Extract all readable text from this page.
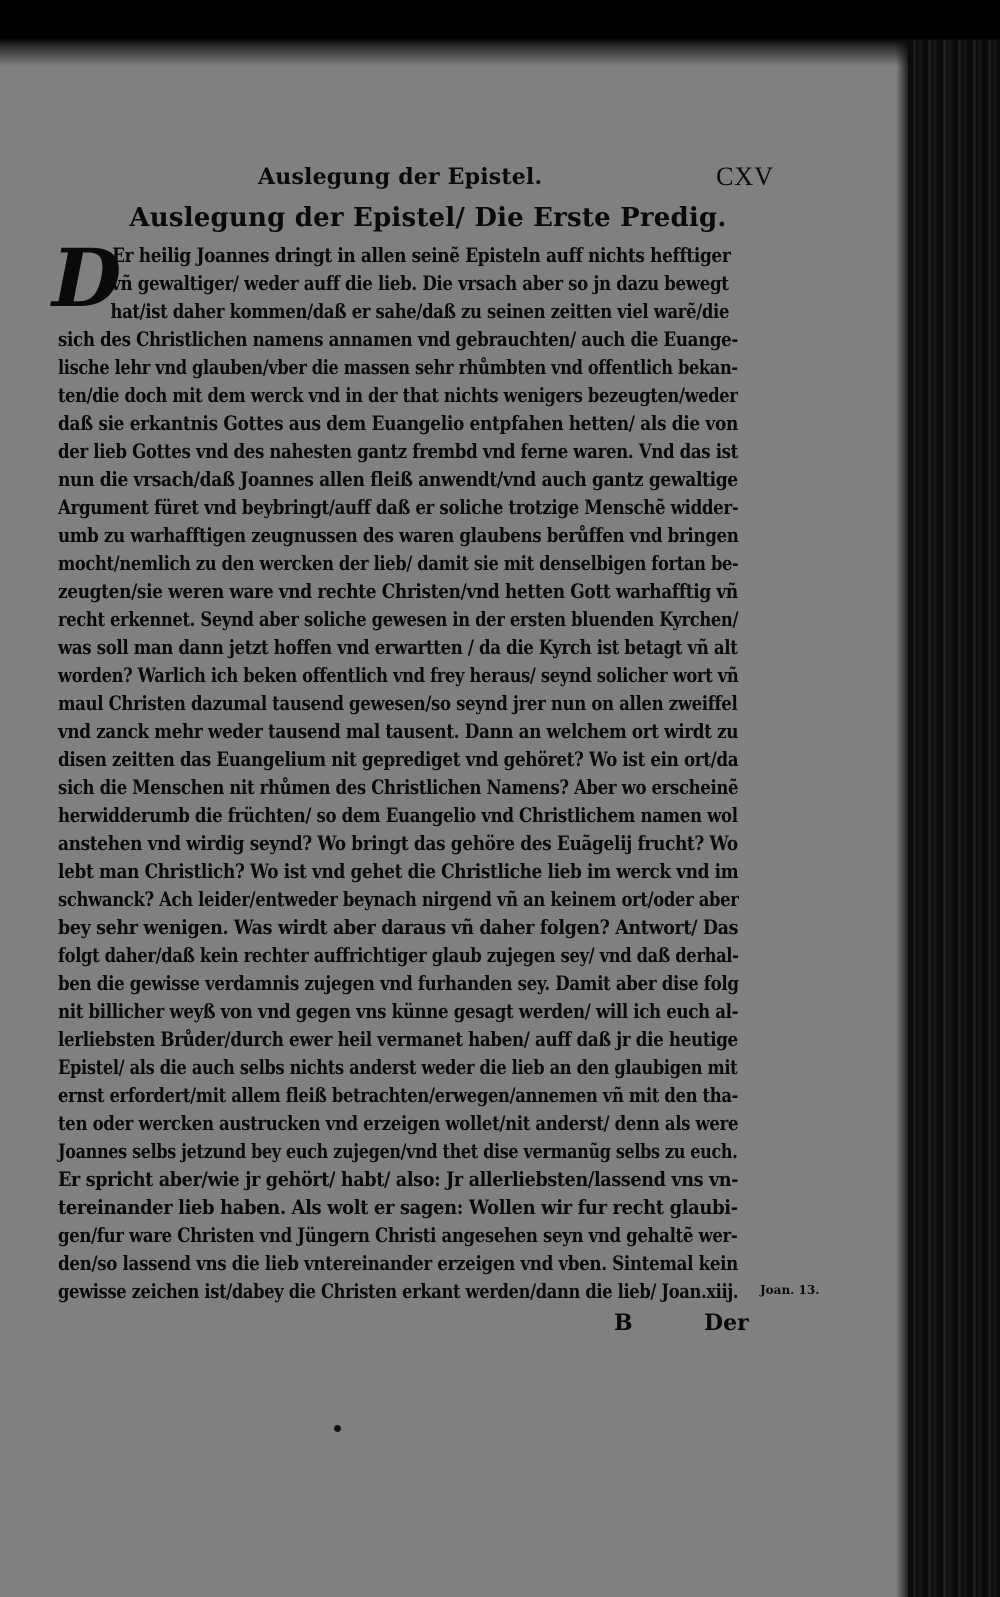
Auslegung der Epistel.	CXV
Auslegung der Epistel/ Die Erste Predig.
D
Er heilig Joannes dringt in allen seinẽ Episteln auff nichts hefftiger
vñ gewaltiger/ weder auff die lieb. Die vrsach aber so jn dazu bewegt
hat/ist daher kommen/daß er sahe/daß zu seinen zeitten viel warẽ/die
sich des Christlichen namens annamen vnd gebrauchten/ auch die Euange-
lische lehr vnd glauben/vber die massen sehr rhůmbten vnd offentlich bekan-
ten/die doch mit dem werck vnd in der that nichts wenigers bezeugten/weder
daß sie erkantnis Gottes aus dem Euangelio entpfahen hetten/ als die von
der lieb Gottes vnd des nahesten gantz frembd vnd ferne waren. Vnd das ist
nun die vrsach/daß Joannes allen fleiß anwendt/vnd auch gantz gewaltige
Argument füret vnd beybringt/auff daß er soliche trotzige Menschẽ widder-
umb zu warhafftigen zeugnussen des waren glaubens berůffen vnd bringen
mocht/nemlich zu den wercken der lieb/ damit sie mit denselbigen fortan be-
zeugten/sie weren ware vnd rechte Christen/vnd hetten Gott warhafftig vñ
recht erkennet. Seynd aber soliche gewesen in der ersten bluenden Kyrchen/
was soll man dann jetzt hoffen vnd erwartten / da die Kyrch ist betagt vñ alt
worden? Warlich ich beken offentlich vnd frey heraus/ seynd solicher wort vñ
maul Christen dazumal tausend gewesen/so seynd jrer nun on allen zweiffel
vnd zanck mehr weder tausend mal tausent. Dann an welchem ort wirdt zu
disen zeitten das Euangelium nit geprediget vnd gehöret? Wo ist ein ort/da
sich die Menschen nit rhůmen des Christlichen Namens? Aber wo erscheinẽ
herwidderumb die früchten/ so dem Euangelio vnd Christlichem namen wol
anstehen vnd wirdig seynd? Wo bringt das gehöre des Euãgelij frucht? Wo
lebt man Christlich? Wo ist vnd gehet die Christliche lieb im werck vnd im
schwanck? Ach leider/entweder beynach nirgend vñ an keinem ort/oder aber
bey sehr wenigen. Was wirdt aber daraus vñ daher folgen? Antwort/ Das
folgt daher/daß kein rechter auffrichtiger glaub zujegen sey/ vnd daß derhal-
ben die gewisse verdamnis zujegen vnd furhanden sey. Damit aber dise folg
nit billicher weyß von vnd gegen vns künne gesagt werden/ will ich euch al-
lerliebsten Brůder/durch ewer heil vermanet haben/ auff daß jr die heutige
Epistel/ als die auch selbs nichts anderst weder die lieb an den glaubigen mit
ernst erfordert/mit allem fleiß betrachten/erwegen/annemen vñ mit den tha-
ten oder wercken austrucken vnd erzeigen wollet/nit anderst/ denn als were
Joannes selbs jetzund bey euch zujegen/vnd thet dise vermanũg selbs zu euch.
Er spricht aber/wie jr gehört/ habt/ also: Jr allerliebsten/lassend vns vn-
tereinander lieb haben. Als wolt er sagen: Wollen wir fur recht glaubi-
gen/fur ware Christen vnd Jüngern Christi angesehen seyn vnd gehaltẽ wer-
den/so lassend vns die lieb vntereinander erzeigen vnd vben. Sintemal kein
gewisse zeichen ist/dabey die Christen erkant werden/dann die lieb/ Joan.xiij.
B	Der
Joan. 13.
